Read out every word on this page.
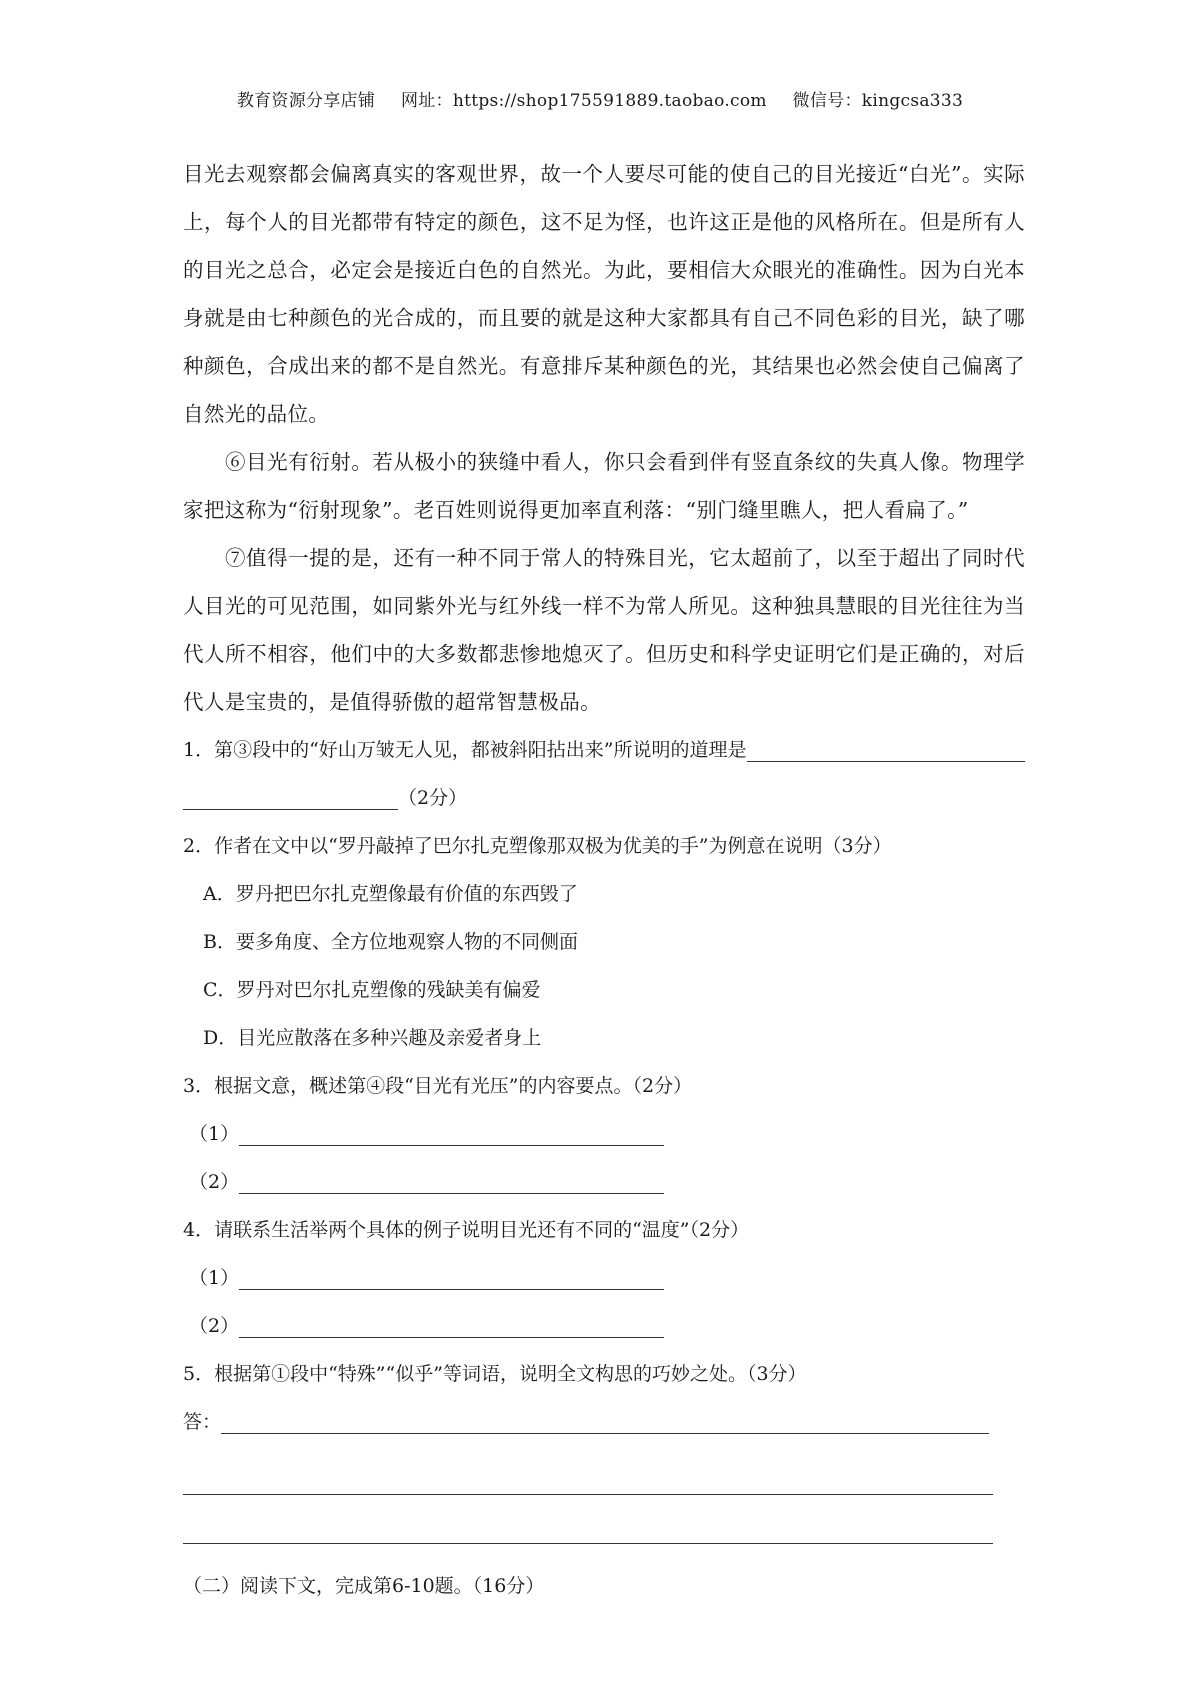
教育资源分享店铺 网址：https://shop175591889.taobao.com 微信号：kingcsa333

目光去观察都会偏离真实的客观世界，故一个人要尽可能的使自己的目光接近“白光”。实际上，每个人的目光都带有特定的颜色，这不足为怪，也许这正是他的风格所在。但是所有人的目光之总合，必定会是接近白色的自然光。为此，要相信大众眼光的准确性。因为白光本身就是由七种颜色的光合成的，而且要的就是这种大家都具有自己不同色彩的目光，缺了哪种颜色，合成出来的都不是自然光。有意排斥某种颜色的光，其结果也必然会使自己偏离了自然光的品位。

⑥目光有衍射。若从极小的狭缝中看人，你只会看到伴有竖直条纹的失真人像。物理学家把这称为“衍射现象”。老百姓则说得更加率直利落：“别门缝里瞧人，把人看扁了。”

⑦值得一提的是，还有一种不同于常人的特殊目光，它太超前了，以至于超出了同时代人目光的可见范围，如同紫外光与红外线一样不为常人所见。这种独具慧眼的目光往往为当代人所不相容，他们中的大多数都悲惨地熄灭了。但历史和科学史证明它们是正确的，对后代人是宝贵的，是值得骄傲的超常智慧极品。

1．第③段中的“好山万皱无人见，都被斜阳拈出来”所说明的道理是
（2分）
2．作者在文中以“罗丹敲掉了巴尔扎克塑像那双极为优美的手”为例意在说明（3分）
A．罗丹把巴尔扎克塑像最有价值的东西毁了
B．要多角度、全方位地观察人物的不同侧面
C．罗丹对巴尔扎克塑像的残缺美有偏爱
D．目光应散落在多种兴趣及亲爱者身上
3．根据文意，概述第④段“目光有光压”的内容要点。（2分）
（1）
（2）
4．请联系生活举两个具体的例子说明目光还有不同的“温度”（2分）
（1）
（2）
5．根据第①段中“特殊”“似乎”等词语，说明全文构思的巧妙之处。（3分）
答：
（二）阅读下文，完成第6-10题。（16分）
